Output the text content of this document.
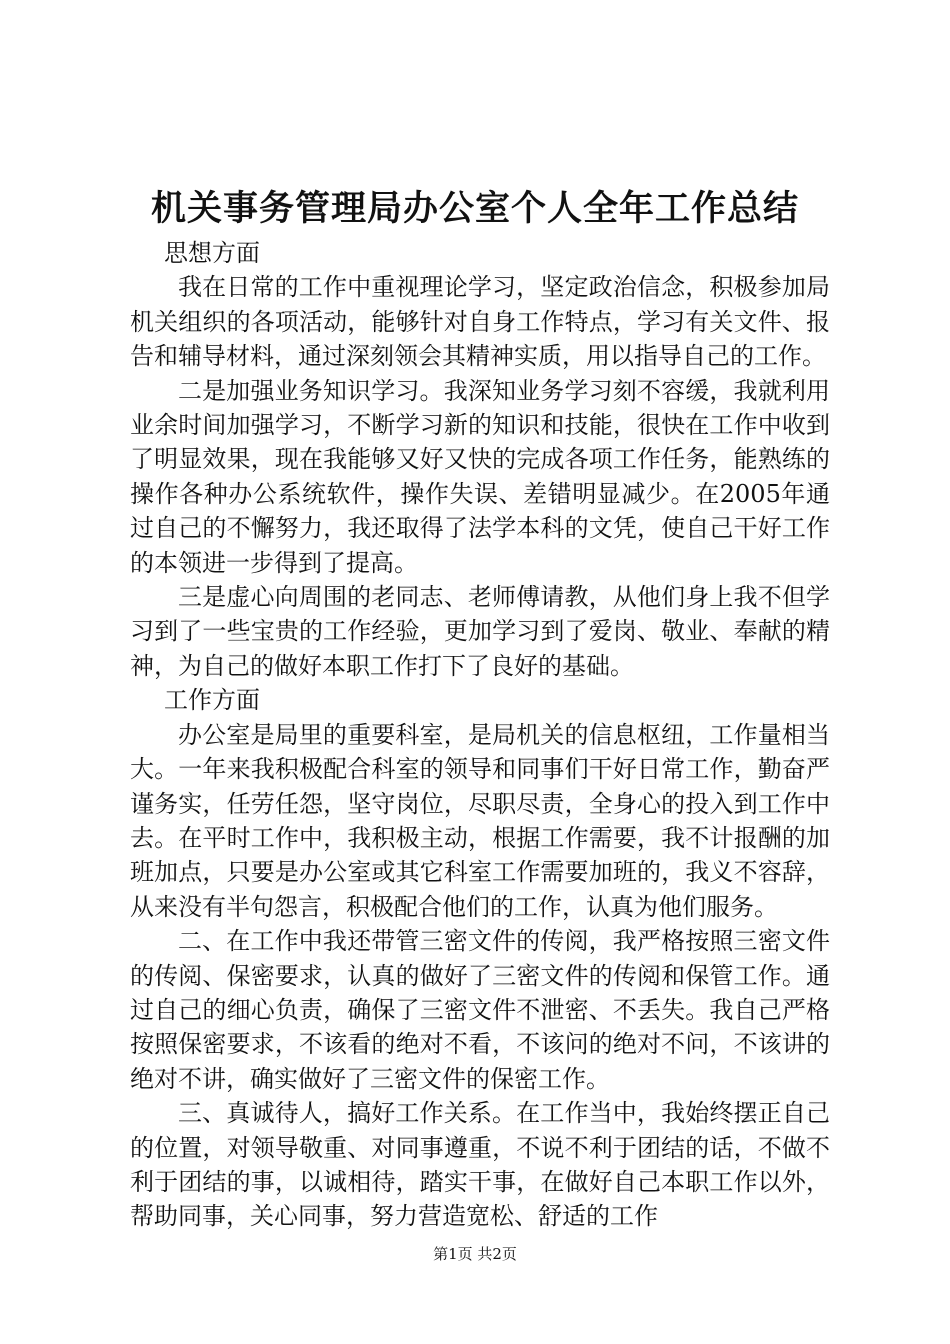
机关事务管理局办公室个人全年工作总结

思想方面

我在日常的工作中重视理论学习，坚定政治信念，积极参加局机关组织的各项活动，能够针对自身工作特点，学习有关文件、报告和辅导材料，通过深刻领会其精神实质，用以指导自己的工作。

二是加强业务知识学习。我深知业务学习刻不容缓，我就利用业余时间加强学习，不断学习新的知识和技能，很快在工作中收到了明显效果，现在我能够又好又快的完成各项工作任务，能熟练的操作各种办公系统软件，操作失误、差错明显减少。在2005年通过自己的不懈努力，我还取得了法学本科的文凭，使自己干好工作的本领进一步得到了提高。

三是虚心向周围的老同志、老师傅请教，从他们身上我不但学习到了一些宝贵的工作经验，更加学习到了爱岗、敬业、奉献的精神，为自己的做好本职工作打下了良好的基础。

工作方面

办公室是局里的重要科室，是局机关的信息枢纽，工作量相当大。一年来我积极配合科室的领导和同事们干好日常工作，勤奋严谨务实，任劳任怨，坚守岗位，尽职尽责，全身心的投入到工作中去。在平时工作中，我积极主动，根据工作需要，我不计报酬的加班加点，只要是办公室或其它科室工作需要加班的，我义不容辞，从来没有半句怨言，积极配合他们的工作，认真为他们服务。

二、在工作中我还带管三密文件的传阅，我严格按照三密文件的传阅、保密要求，认真的做好了三密文件的传阅和保管工作。通过自己的细心负责，确保了三密文件不泄密、不丢失。我自己严格按照保密要求，不该看的绝对不看，不该问的绝对不问，不该讲的绝对不讲，确实做好了三密文件的保密工作。

三、真诚待人，搞好工作关系。在工作当中，我始终摆正自己的位置，对领导敬重、对同事遵重，不说不利于团结的话，不做不利于团结的事，以诚相待，踏实干事，在做好自己本职工作以外，帮助同事，关心同事，努力营造宽松、舒适的工作

第1页 共2页
